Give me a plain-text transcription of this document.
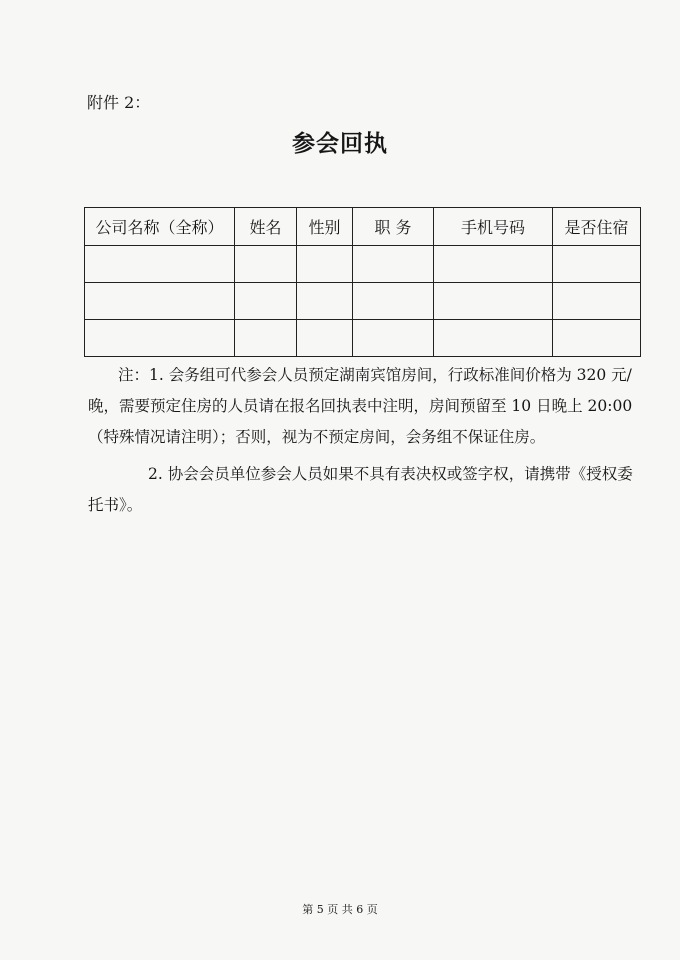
附件 2：
参会回执
公司名称（全称）	姓名	性别	职 务	手机号码	是否住宿

注：1. 会务组可代参会人员预定湖南宾馆房间，行政标准间价格为 320 元/晚，需要预定住房的人员请在报名回执表中注明，房间预留至 10 日晚上 20:00（特殊情况请注明）；否则，视为不预定房间，会务组不保证住房。

2. 协会会员单位参会人员如果不具有表决权或签字权，请携带《授权委托书》。

第 5 页 共 6 页
